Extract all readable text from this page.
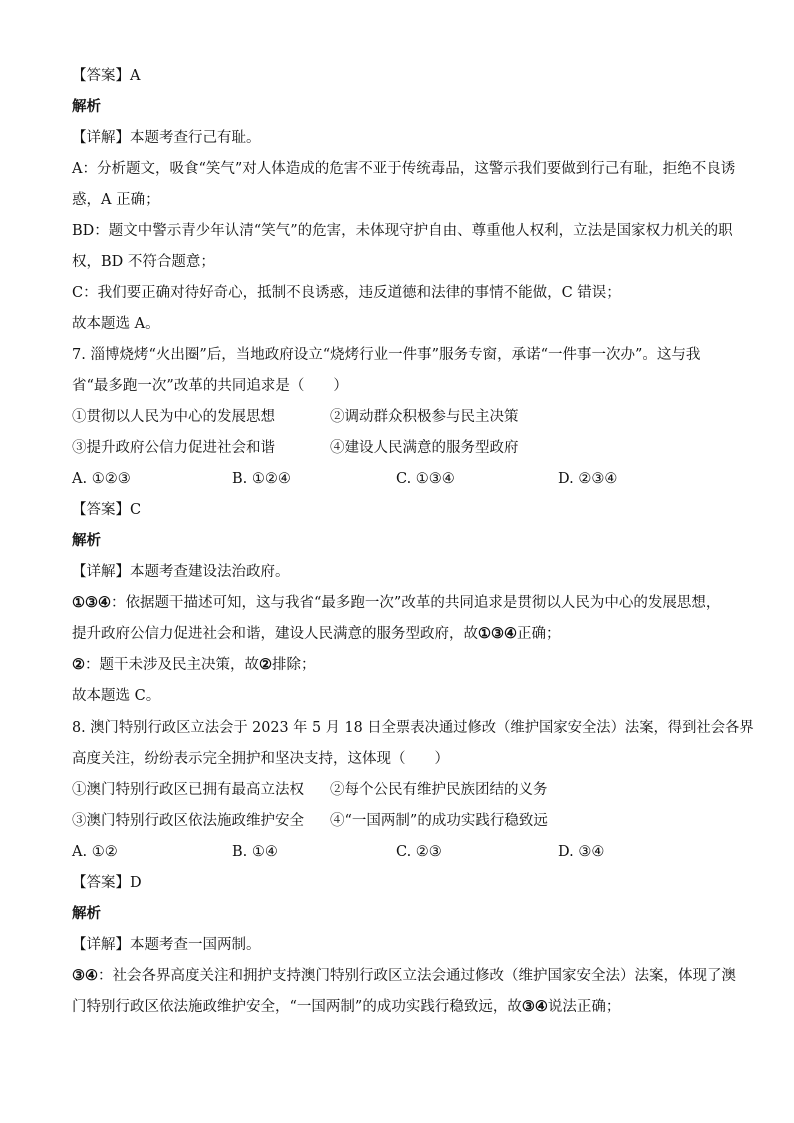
【答案】A
解析
【详解】本题考查行己有耻。
A：分析题文，吸食“笑气”对人体造成的危害不亚于传统毒品，这警示我们要做到行己有耻，拒绝不良诱
惑，A 正确；
BD：题文中警示青少年认清“笑气”的危害，未体现守护自由、尊重他人权利，立法是国家权力机关的职
权，BD 不符合题意；
C：我们要正确对待好奇心，抵制不良诱惑，违反道德和法律的事情不能做，C 错误；
故本题选 A。
7. 淄博烧烤“火出圈”后，当地政府设立“烧烤行业一件事”服务专窗，承诺“一件事一次办”。这与我
省“最多跑一次”改革的共同追求是（　　）
①贯彻以人民为中心的发展思想	②调动群众积极参与民主决策
③提升政府公信力促进社会和谐	④建设人民满意的服务型政府
A. ①②③	B. ①②④	C. ①③④	D. ②③④
【答案】C
解析
【详解】本题考查建设法治政府。
①③④：依据题干描述可知，这与我省“最多跑一次”改革的共同追求是贯彻以人民为中心的发展思想，
提升政府公信力促进社会和谐，建设人民满意的服务型政府，故①③④正确；
②：题干未涉及民主决策，故②排除；
故本题选 C。
8. 澳门特别行政区立法会于 2023 年 5 月 18 日全票表决通过修改（维护国家安全法）法案，得到社会各界
高度关注，纷纷表示完全拥护和坚决支持，这体现（　　）
①澳门特别行政区已拥有最高立法权 ②每个公民有维护民族团结的义务
③澳门特别行政区依法施政维护安全 ④“一国两制”的成功实践行稳致远
A. ①②	B. ①④	C. ②③	D. ③④
【答案】D
解析
【详解】本题考查一国两制。
③④：社会各界高度关注和拥护支持澳门特别行政区立法会通过修改（维护国家安全法）法案，体现了澳
门特别行政区依法施政维护安全，“一国两制”的成功实践行稳致远，故③④说法正确；
